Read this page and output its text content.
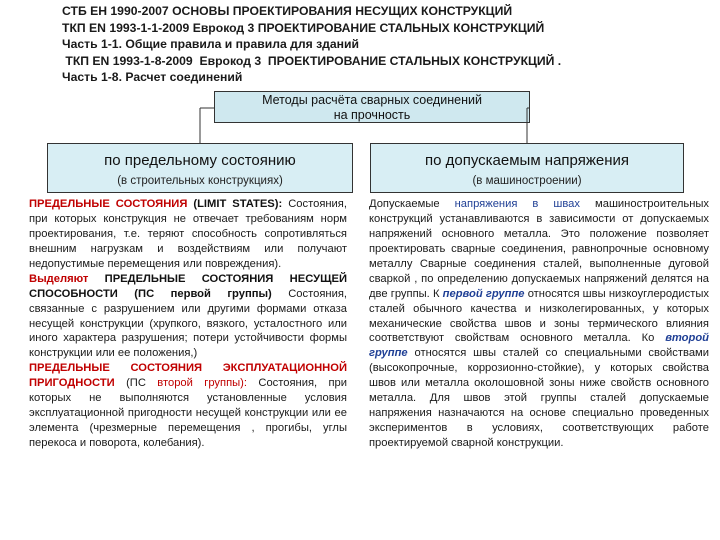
СТБ ЕН 1990-2007 ОСНОВЫ ПРОЕКТИРОВАНИЯ НЕСУЩИХ КОНСТРУКЦИЙ
ТКП EN 1993-1-1-2009 Еврокод 3 ПРОЕКТИРОВАНИЕ СТАЛЬНЫХ КОНСТРУКЦИЙ
Часть 1-1. Общие правила и правила для зданий
ТКП EN 1993-1-8-2009  Еврокод 3  ПРОЕКТИРОВАНИЕ СТАЛЬНЫХ КОНСТРУКЦИЙ .
Часть 1-8. Расчет соединений
Методы расчёта сварных соединений
на прочность
по предельному состоянию
(в строительных конструкциях)
по допускаемым напряжения
(в машиностроении)

ПРЕДЕЛЬНЫЕ СОСТОЯНИЯ (LIMIT STATES): Состояния, при которых конструкция не отвечает требованиям норм проектирования, т.е. теряют способность сопротивляться внешним нагрузкам и воздействиям или получают недопустимые перемещения или повреждения).

Выделяют ПРЕДЕЛЬНЫЕ СОСТОЯНИЯ НЕСУЩЕЙ СПОСОБНОСТИ (ПС первой группы) Состояния, связанные с разрушением или другими формами отказа несущей конструкции (хрупкого, вязкого, усталостного или иного характера разрушения; потери устойчивости формы конструкции или ее положения,)

ПРЕДЕЛЬНЫЕ СОСТОЯНИЯ ЭКСПЛУАТАЦИОННОЙ ПРИГОДНОСТИ (ПС второй группы): Состояния, при которых не выполняются установленные условия эксплуатационной пригодности несущей конструкции или ее элемента (чрезмерные перемещения , прогибы, углы перекоса и поворота, колебания).

Допускаемые напряжения в швах машиностроительных конструкций устанавливаются в зависимости от допускаемых напряжений основного металла. Это положение позволяет проектировать сварные соединения, равнопрочные основному металлу Сварные соединения сталей, выполненные дуговой сваркой , по определению допускаемых напряжений делятся на две группы. К первой группе относятся швы низкоуглеродистых сталей обычного качества и низколегированных, у которых механические свойства швов и зоны термического влияния соответствуют свойствам основного металла. Ко второй группе относятся швы сталей со специальными свойствами (высокопрочные, коррозионно-стойкие), у которых свойства швов или металла околошовной зоны ниже свойств основного металла. Для швов этой группы сталей допускаемые напряжения назначаются на основе специально проведенных экспериментов в условиях, соответствующих работе проектируемой сварной конструкции.
